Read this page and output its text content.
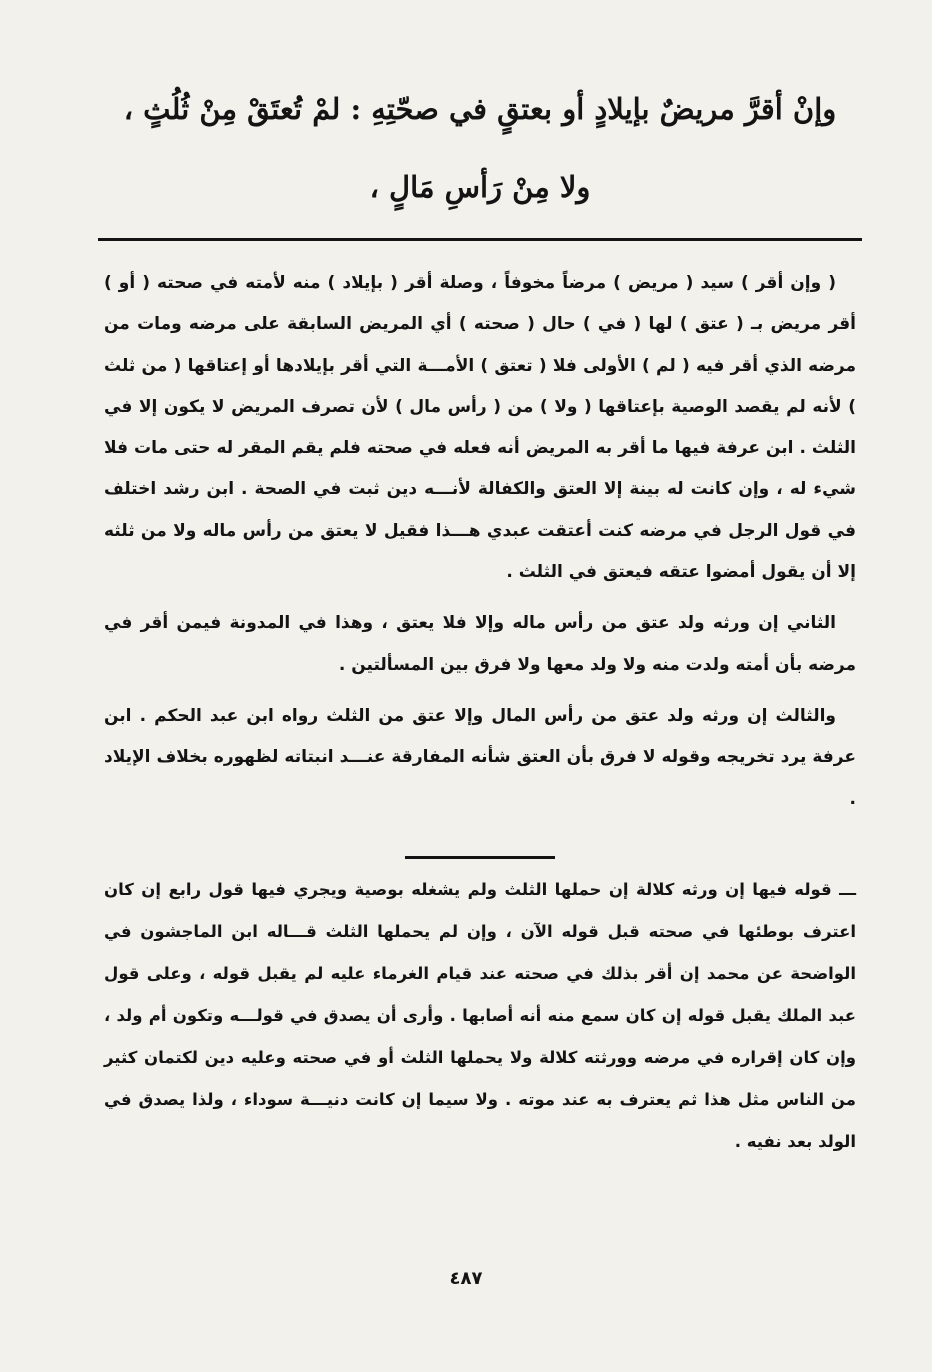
وإنْ أقرَّ مريضٌ بإيلادٍ أو بعتقٍ في صحّتِهِ : لمْ تُعتَقْ مِنْ ثُلُثٍ ،
ولا مِنْ رَأسِ مَالٍ ،

( وإن أقر ) سيد ( مريض ) مرضاً مخوفاً ، وصلة أقر ( بإيلاد ) منه لأمته في صحته ( أو ) أقر مريض بـ ( عتق ) لها ( في ) حال ( صحته ) أي المريض السابقة على مرضه ومات من مرضه الذي أقر فيه ( لم ) الأولى فلا ( تعتق ) الأمـــة التي أقر بإيلادها أو إعتاقها ( من ثلث ) لأنه لم يقصد الوصية بإعتاقها ( ولا ) من ( رأس مال ) لأن تصرف المريض لا يكون إلا في الثلث . ابن عرفة فيها ما أقر به المريض أنه فعله في صحته فلم يقم المقر له حتى مات فلا شيء له ، وإن كانت له بينة إلا العتق والكفالة لأنـــه دين ثبت في الصحة . ابن رشد اختلف في قول الرجل في مرضه كنت أعتقت عبدي هـــذا فقيل لا يعتق من رأس ماله ولا من ثلثه إلا أن يقول أمضوا عتقه فيعتق في الثلث .

الثاني إن ورثه ولد عتق من رأس ماله وإلا فلا يعتق ، وهذا في المدونة فيمن أقر في مرضه بأن أمته ولدت منه ولا ولد معها ولا فرق بين المسألتين .

والثالث إن ورثه ولد عتق من رأس المال وإلا عتق من الثلث رواه ابن عبد الحكم . ابن عرفة يرد تخريجه وقوله لا فرق بأن العتق شأنه المفارقة عنـــد انبتاته لظهوره بخلاف الإيلاد .

ـــ قوله فيها إن ورثه كلالة إن حملها الثلث ولم يشغله بوصية ويجري فيها قول رابع إن كان اعترف بوطئها في صحته قبل قوله الآن ، وإن لم يحملها الثلث قـــاله ابن الماجشون في الواضحة عن محمد إن أقر بذلك في صحته عند قيام الغرماء عليه لم يقبل قوله ، وعلى قول عبد الملك يقبل قوله إن كان سمع منه أنه أصابها . وأرى أن يصدق في قولـــه وتكون أم ولد ، وإن كان إقراره في مرضه وورثته كلالة ولا يحملها الثلث أو في صحته وعليه دين لكتمان كثير من الناس مثل هذا ثم يعترف به عند موته . ولا سيما إن كانت دنيـــة سوداء ، ولذا يصدق في الولد بعد نفيه .

٤٨٧
